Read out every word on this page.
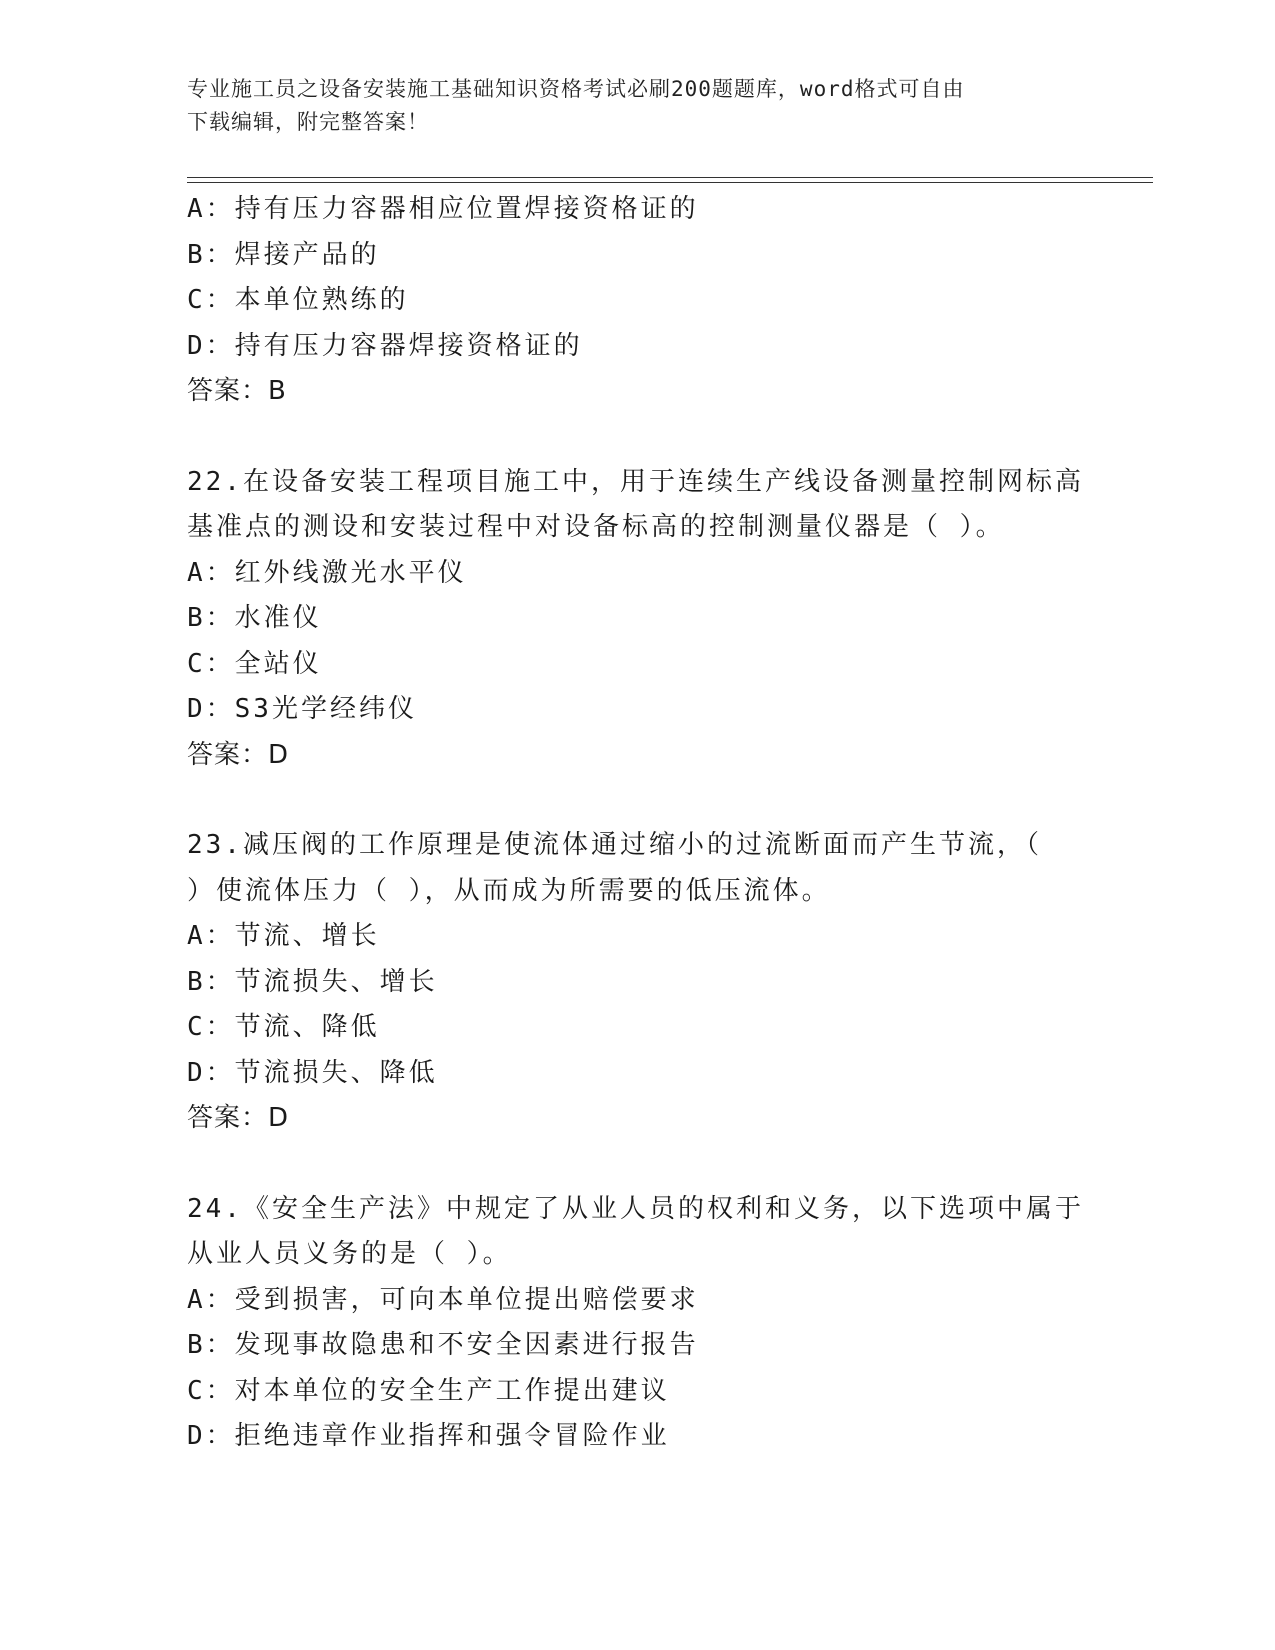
专业施工员之设备安装施工基础知识资格考试必刷200题题库，word格式可自由
下载编辑，附完整答案！
A：持有压力容器相应位置焊接资格证的
B：焊接产品的
C：本单位熟练的
D：持有压力容器焊接资格证的
答案：B
22.在设备安装工程项目施工中，用于连续生产线设备测量控制网标高
基准点的测设和安装过程中对设备标高的控制测量仪器是（ ）。
A：红外线激光水平仪
B：水准仪
C：全站仪
D：S3光学经纬仪
答案：D
23.减压阀的工作原理是使流体通过缩小的过流断面而产生节流，（
）使流体压力（ ），从而成为所需要的低压流体。
A：节流、增长
B：节流损失、增长
C：节流、降低
D：节流损失、降低
答案：D
24.《安全生产法》中规定了从业人员的权利和义务，以下选项中属于
从业人员义务的是（ ）。
A：受到损害，可向本单位提出赔偿要求
B：发现事故隐患和不安全因素进行报告
C：对本单位的安全生产工作提出建议
D：拒绝违章作业指挥和强令冒险作业
